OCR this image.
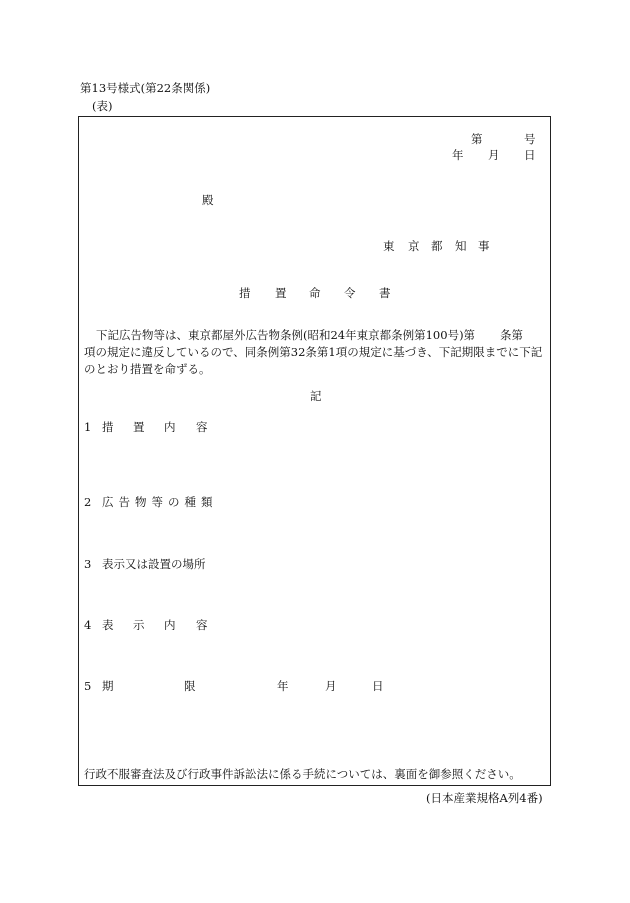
第13号様式(第22条関係)
(表)
第	号
年 月 日
殿
東 京 都 知 事
措 置 命 令 書
下記広告物等は、東京都屋外広告物条例(昭和24年東京都条例第100号)第 条第
項の規定に違反しているので、同条例第32条第1項の規定に基づき、下記期限までに下記
のとおり措置を命ずる。
記
1 措 置 内 容
2 広告物等の種類
3 表示又は設置の場所
4 表 示 内 容
5 期	限	年	月	日
行政不服審査法及び行政事件訴訟法に係る手続については、裏面を御参照ください。
(日本産業規格A列4番)
